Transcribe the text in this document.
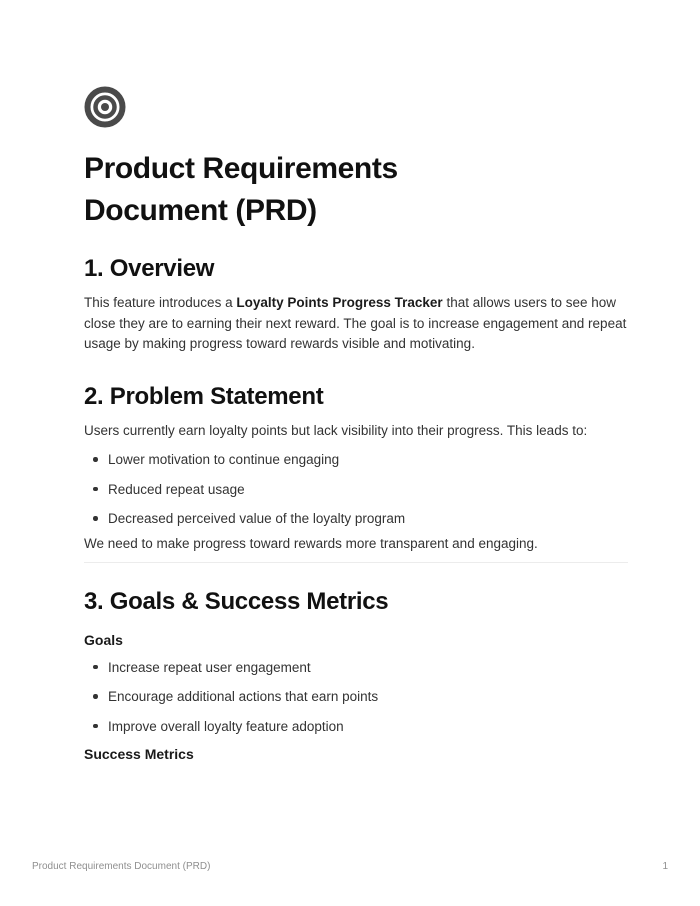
Product Requirements Document (PRD)
1. Overview

This feature introduces a Loyalty Points Progress Tracker that allows users to see how close they are to earning their next reward. The goal is to increase engagement and repeat usage by making progress toward rewards visible and motivating.

2. Problem Statement

Users currently earn loyalty points but lack visibility into their progress. This leads to:

Lower motivation to continue engaging
Reduced repeat usage
Decreased perceived value of the loyalty program

We need to make progress toward rewards more transparent and engaging.

3. Goals & Success Metrics

Goals

Increase repeat user engagement
Encourage additional actions that earn points
Improve overall loyalty feature adoption

Success Metrics

Product Requirements Document (PRD)	1
